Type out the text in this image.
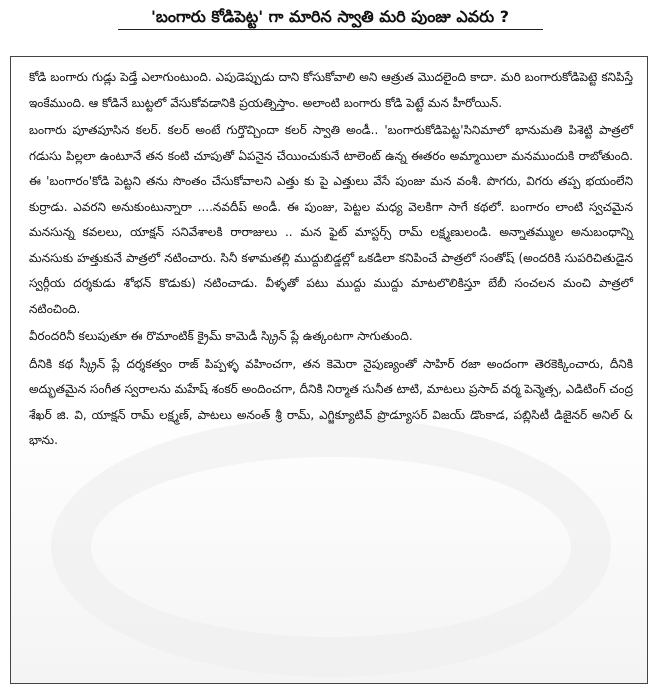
'బంగారు కోడిపెట్ట' గా మారిన స్వాతి మరి పుంజు ఎవరు ?

కోడి బంగారు గుడ్లు పెడ్తే ఎలాగుంటుంది. ఎపుడెప్పుడు దాని కోసుకోవాలి అని ఆత్రుత మొదలైంది కాదా. మరి బంగారుకోడిపెట్టె కనిపిస్తే ఇంకేముంది. ఆ కోడినే బుట్టలో వేసుకోవడానికి ప్రయత్నిస్తాం. అలాంటి బంగారు కోడి పెట్టే మన హీరోయిన్.

బంగారు పూతపూసిన కలర్. కలర్ అంటే గుర్తొచ్చిందా కలర్ స్వాతి అండీ.. 'బంగారుకోడిపెట్ట'సినిమాలో భానుమతి పిశెట్టి పాత్రలో గడుసు పిల్లలా ఉంటూనే తన కంటి చూపుతో ఏపనైన చేయించుకునే టాలెంట్ ఉన్న ఈతరం అమ్మాయిలా మనముందుకి రాబోతుంది. ఈ 'బంగారం'కోడి పెట్టని తను సొంతం చేసుకోవాలని ఎత్తు కు పై ఎత్తులు వేసే పుంజు మన వంశీ. పొగరు, విగరు తప్ప భయంలేని కుర్రాడు. ఎవరని అనుకుంటున్నారా ....నవదీప్ అండీ. ఈ పుంజు, పెట్టల మధ్య వెలకిగా సాగే కథలో. బంగారం లాంటి స్వచమైన మనసున్న కవలలు, యాక్షన్ సనివేశాలకి రారాజులు .. మన ఫైట్ మాస్టర్స్ రామ్ లక్ష్మణులండి. అన్నాతమ్ముల అనుబంధాన్ని మనసుకు హత్తుకునే పాత్రలో నటించారు. సినీ కళామతల్లి ముద్దుబిడ్డల్లో ఒకడిలా కనిపించే పాత్రలో సంతోష్ (అందరికి సుపరిచితుడైన స్వర్గీయ దర్శకుడు శోభన్ కొడుకు) నటించాడు. వీళ్ళతో పటు ముద్దు ముద్దు మాటలొలికిస్తూ బేబీ సంచలన మంచి పాత్రలో నటించింది.

వీరందరినీ కలుపుతూ ఈ రొమాంటిక్ క్రైమ్ కామెడీ స్క్రిన్ ప్లే ఉత్కంటగా సాగుతుంది.

దీనికి కథ స్క్రీన్ ప్లే దర్శకత్వం రాజ్ పిప్పళ్ళ వహించగా, తన కెమెరా నైపుణ్యంతో సాహిర్ రజా అందంగా తెరకెక్కించారు, దీనికి అద్భుతమైన సంగీత స్వరాలను మహేష్ శంకర్ అందించగా, దీనికి నిర్మాత సునీత టాటి, మాటలు ప్రసాద్ వర్మ పెన్మెత్స, ఎడిటింగ్ చంద్ర శేఖర్ జి. వి, యాక్షన్ రామ్ లక్ష్మణ్, పాటలు అనంత్ శ్రీ రామ్, ఎగ్జిక్యూటివ్ ప్రొడ్యూసర్ విజయ్ డొంకాడ, పబ్లిసిటీ డిజైనర్ అనిల్ & భాను.
